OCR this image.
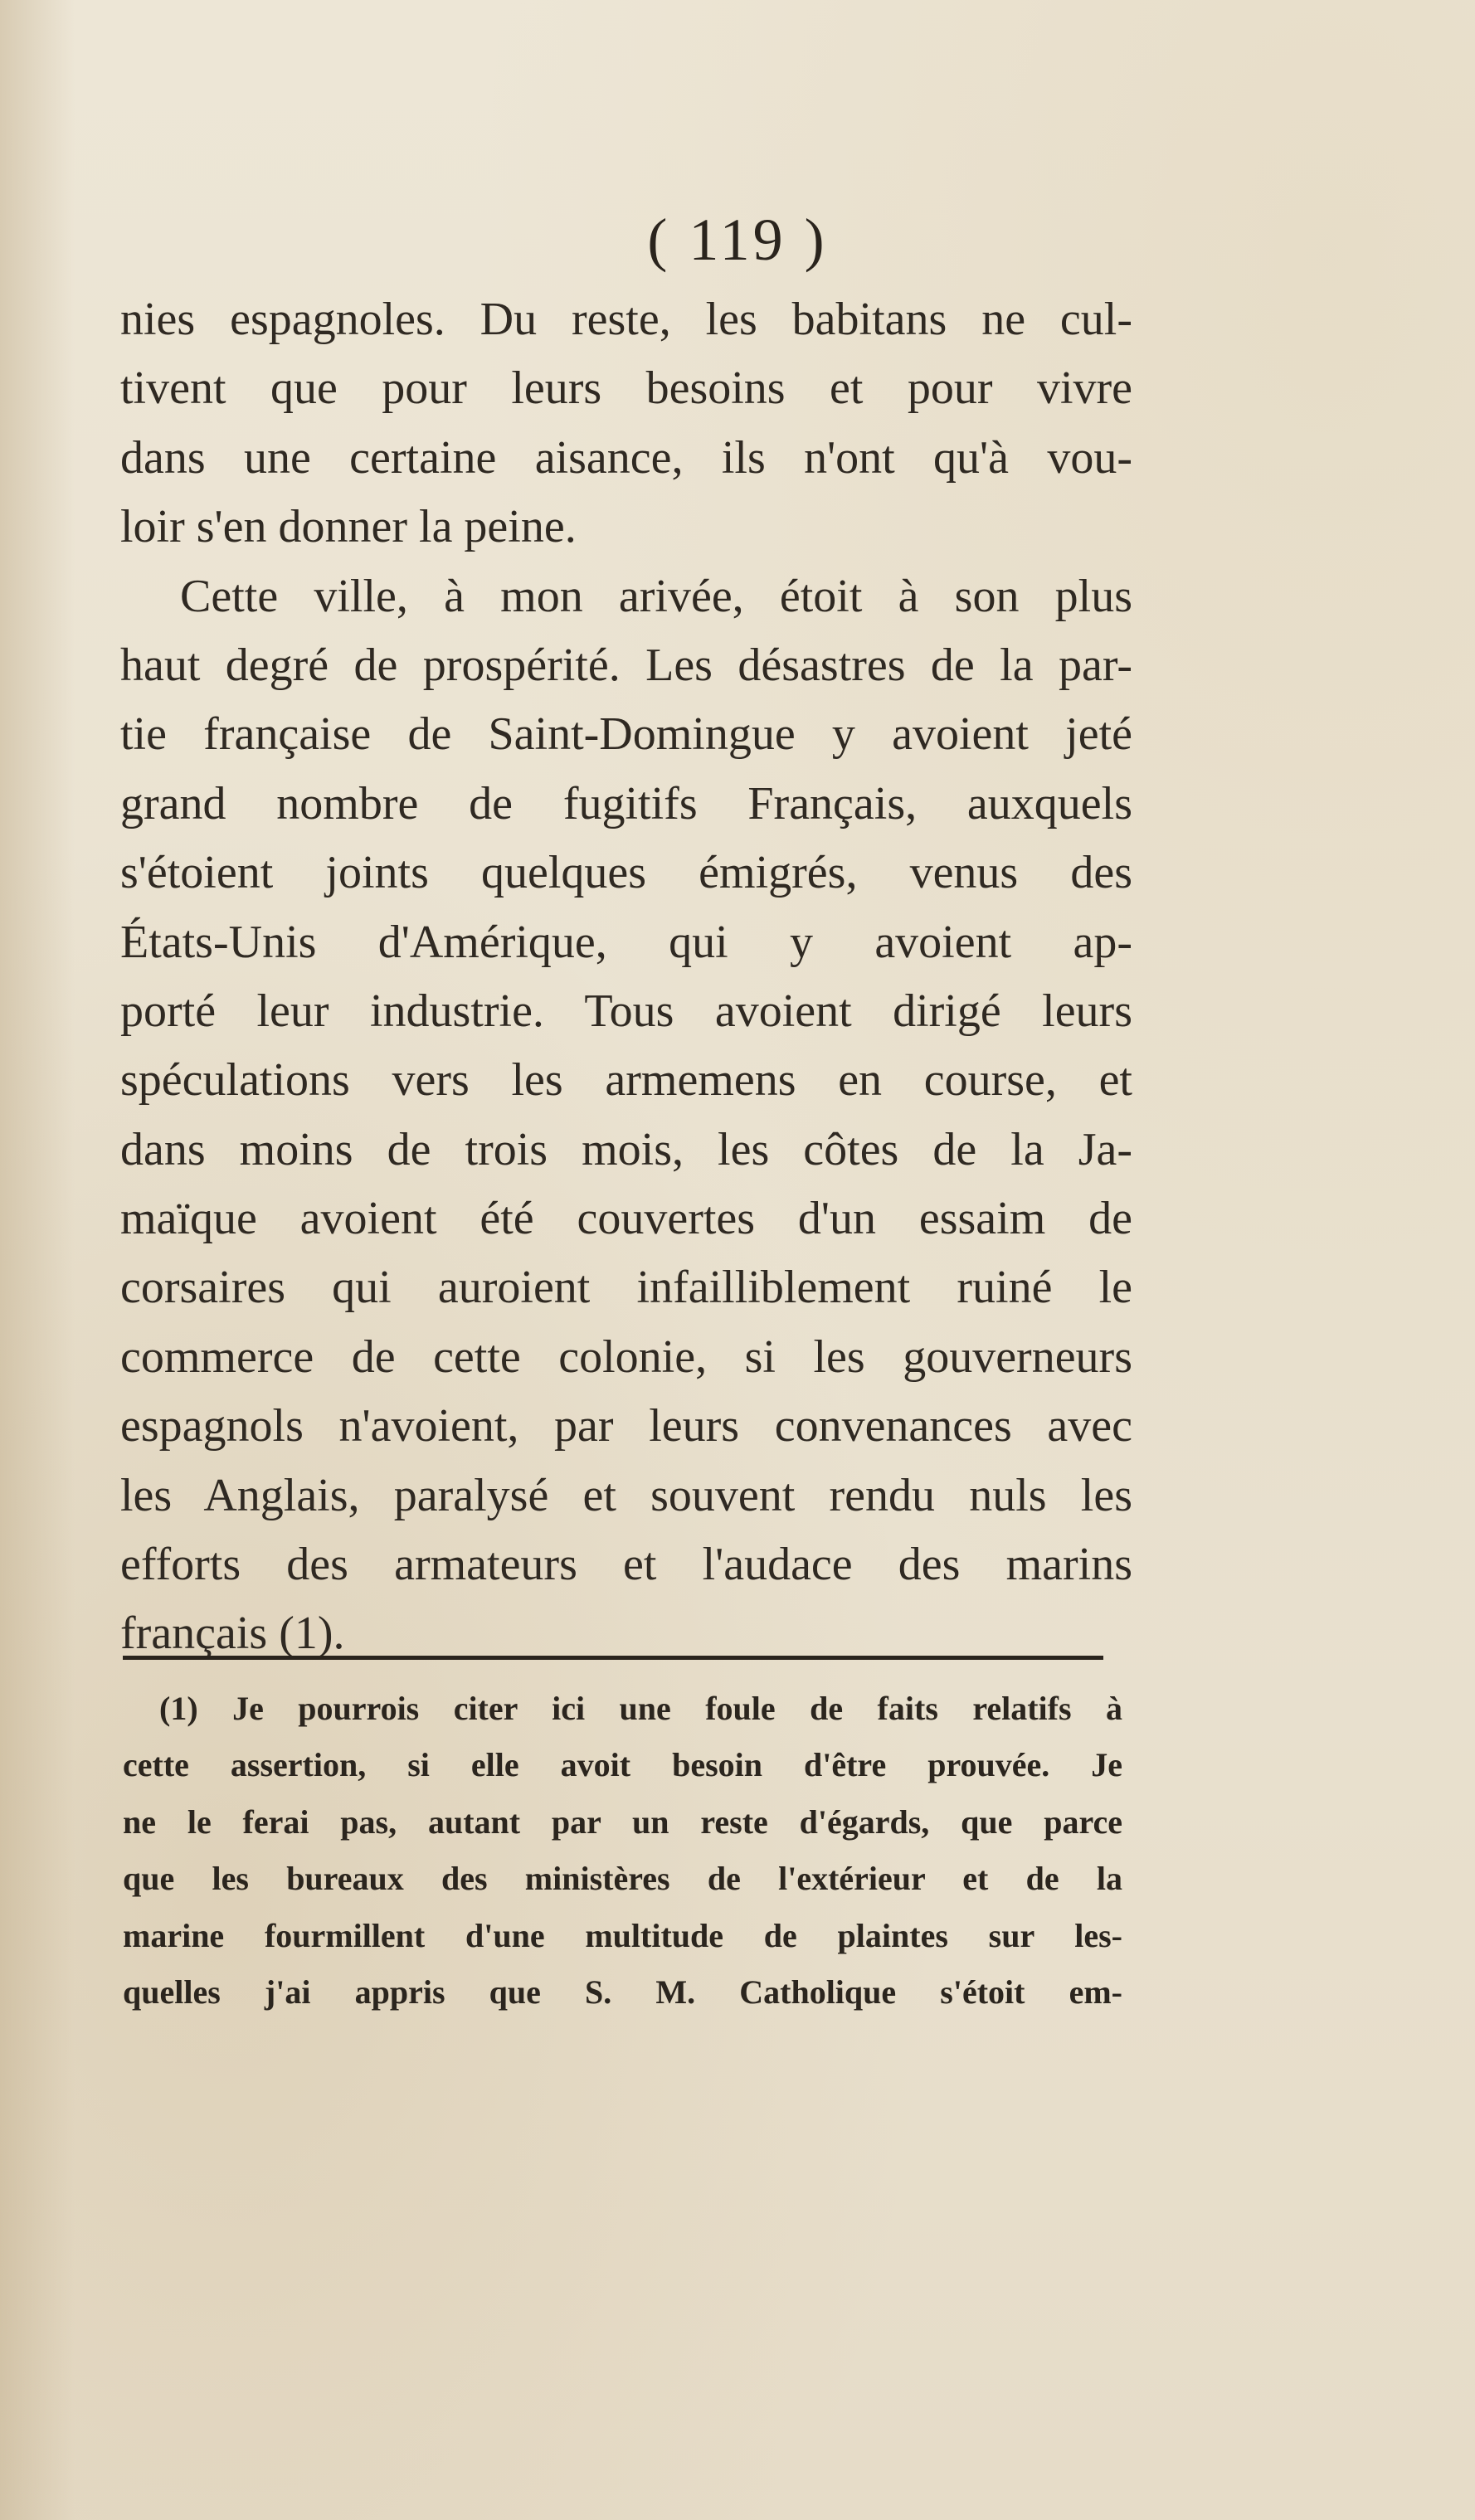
( 119 )
nies espagnoles. Du reste, les babitans ne cul-
tivent que pour leurs besoins et pour vivre
dans une certaine aisance, ils n'ont qu'à vou-
loir s'en donner la peine.
Cette ville, à mon arivée, étoit à son plus
haut degré de prospérité. Les désastres de la par-
tie française de Saint-Domingue y avoient jeté
grand nombre de fugitifs Français, auxquels
s'étoient joints quelques émigrés, venus des
États-Unis d'Amérique, qui y avoient ap-
porté leur industrie. Tous avoient dirigé leurs
spéculations vers les armemens en course, et
dans moins de trois mois, les côtes de la Ja-
maïque avoient été couvertes d'un essaim de
corsaires qui auroient infailliblement ruiné le
commerce de cette colonie, si les gouverneurs
espagnols n'avoient, par leurs convenances avec
les Anglais, paralysé et souvent rendu nuls les
efforts des armateurs et l'audace des marins
français (1).
(1) Je pourrois citer ici une foule de faits relatifs à
cette assertion, si elle avoit besoin d'être prouvée. Je
ne le ferai pas, autant par un reste d'égards, que parce
que les bureaux des ministères de l'extérieur et de la
marine fourmillent d'une multitude de plaintes sur les-
quelles j'ai appris que S. M. Catholique s'étoit em-
